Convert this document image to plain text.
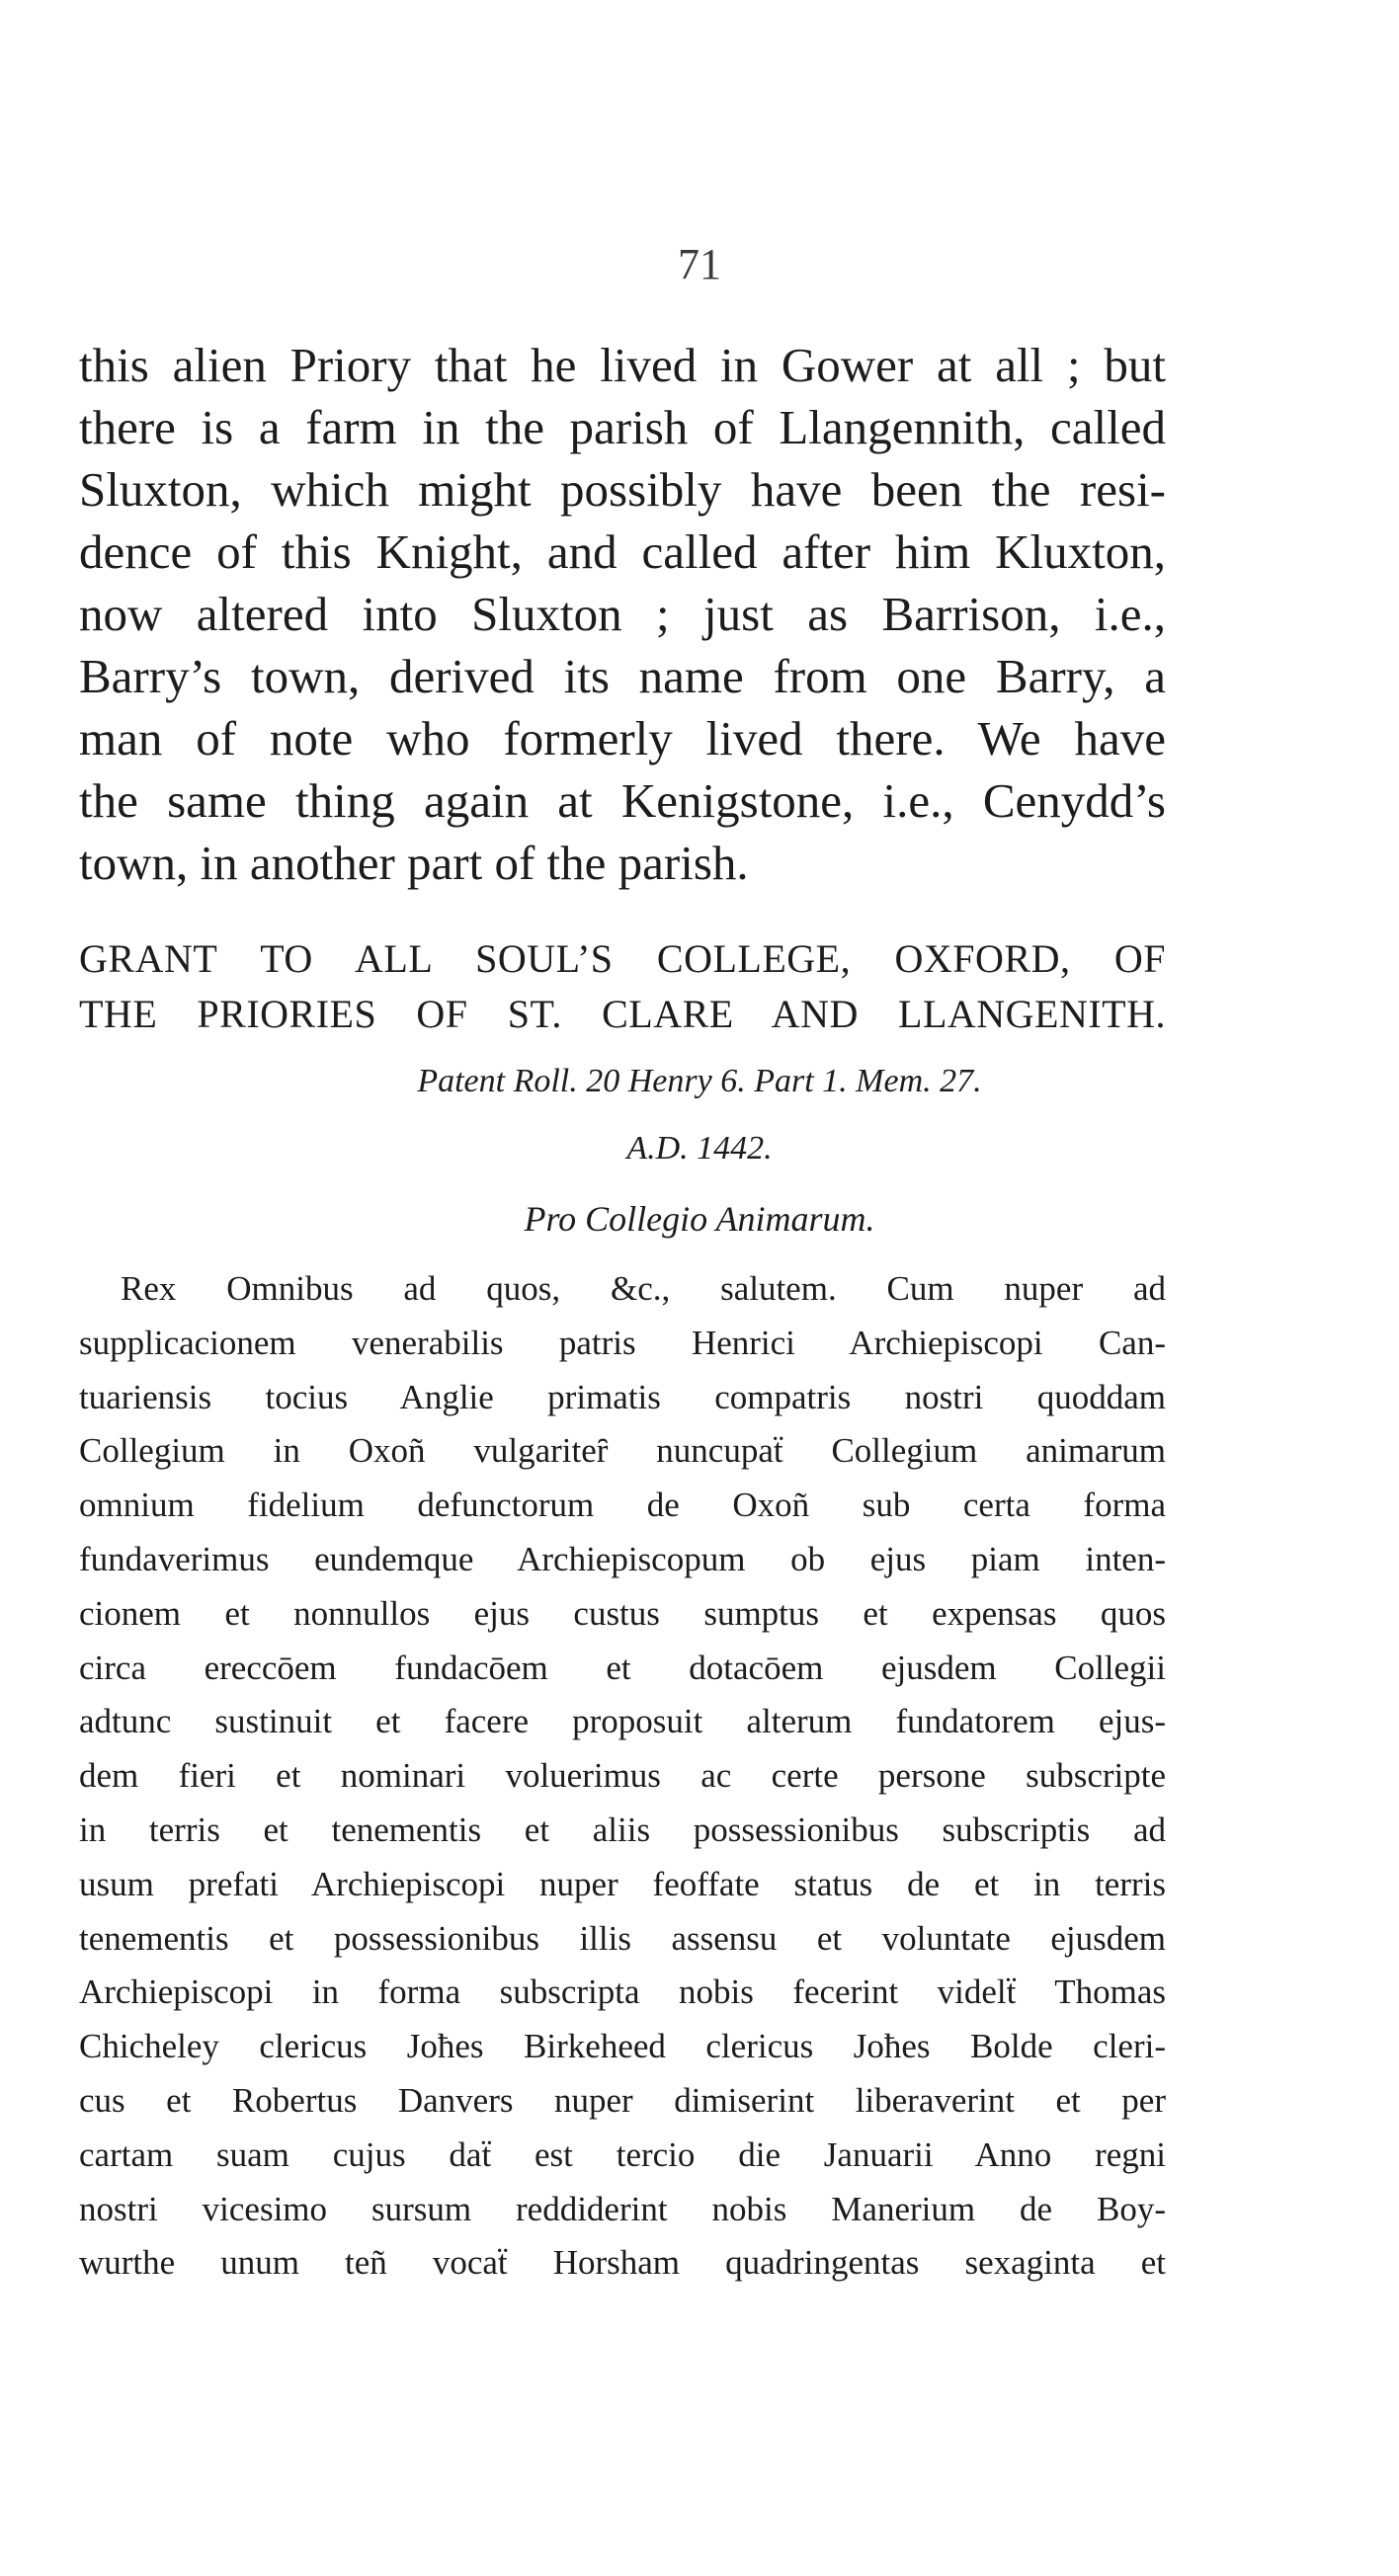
71
this alien Priory that he lived in Gower at all ; but
there is a farm in the parish of Llangennith, called
Sluxton, which might possibly have been the resi-
dence of this Knight, and called after him Kluxton,
now altered into Sluxton ; just as Barrison, i.e.,
Barry’s town, derived its name from one Barry, a
man of note who formerly lived there. We have
the same thing again at Kenigstone, i.e., Cenydd’s
town, in another part of the parish.
GRANT TO ALL SOUL’S COLLEGE, OXFORD, OF
THE PRIORIES OF ST. CLARE AND LLANGENITH.
Patent Roll. 20 Henry 6. Part 1. Mem. 27.
A.D. 1442.
Pro Collegio Animarum.
Rex Omnibus ad quos, &c., salutem. Cum nuper ad
supplicacionem venerabilis patris Henrici Archiepiscopi Can-
tuariensis tocius Anglie primatis compatris nostri quoddam
Collegium in Oxoñ vulgariteȓ nuncupaẗ Collegium animarum
omnium fidelium defunctorum de Oxoñ sub certa forma
fundaverimus eundemque Archiepiscopum ob ejus piam inten-
cionem et nonnullos ejus custus sumptus et expensas quos
circa ereccōem fundacōem et dotacōem ejusdem Collegii
adtunc sustinuit et facere proposuit alterum fundatorem ejus-
dem fieri et nominari voluerimus ac certe persone subscripte
in terris et tenementis et aliis possessionibus subscriptis ad
usum prefati Archiepiscopi nuper feoffate status de et in terris
tenementis et possessionibus illis assensu et voluntate ejusdem
Archiepiscopi in forma subscripta nobis fecerint videlẗ Thomas
Chicheley clericus Joħes Birkeheed clericus Joħes Bolde cleri-
cus et Robertus Danvers nuper dimiserint liberaverint et per
cartam suam cujus daẗ est tercio die Januarii Anno regni
nostri vicesimo sursum reddiderint nobis Manerium de Boy-
wurthe unum teñ vocaẗ Horsham quadringentas sexaginta et
